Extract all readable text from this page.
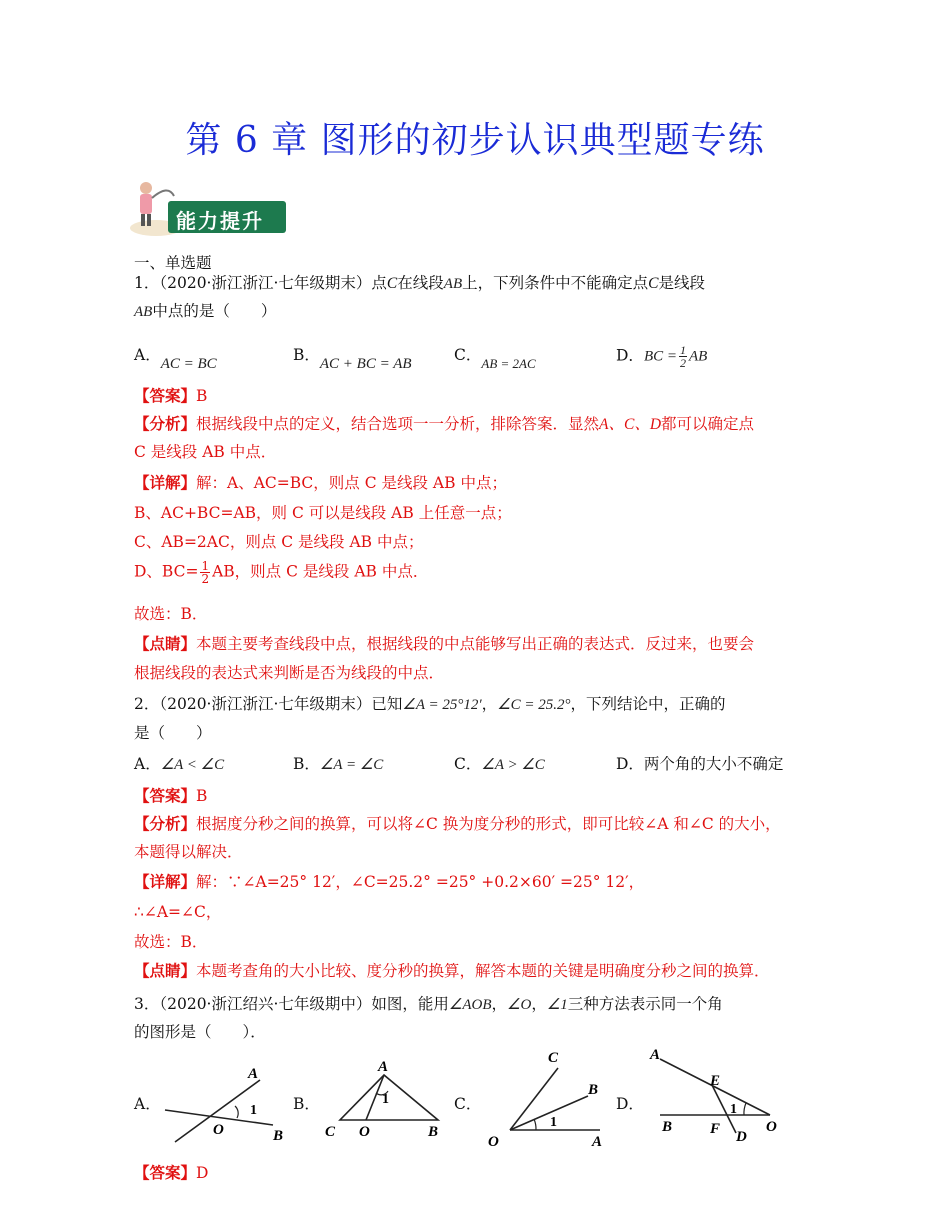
第 6 章 图形的初步认识典型题专练
能力提升
一、单选题
1．（2020·浙江浙江·七年级期末）点C在线段AB上，下列条件中不能确定点C是线段
AB中点的是（　　）
A．AC = BC	B．AC + BC = AB	C．$_{AB = 2AC}$	D．BC = $\frac{1}{2}$ AB
【答案】B
【分析】根据线段中点的定义，结合选项一一分析，排除答案．显然A、C、D都可以确定点
C 是线段 AB 中点．
【详解】解：A、AC=BC，则点 C 是线段 AB 中点；
B、AC+BC=AB，则 C 可以是线段 AB 上任意一点；
C、AB=2AC，则点 C 是线段 AB 中点；
D、$BC= \frac{1}{2}$ AB，则点 C 是线段 AB 中点．
故选：B．
【点睛】本题主要考查线段中点，根据线段的中点能够写出正确的表达式．反过来，也要会
根据线段的表达式来判断是否为线段的中点．
2．（2020·浙江浙江·七年级期末）已知∠A = 25°12′，∠C = 25.2°，下列结论中，正确的
是（　　）
A．∠A < ∠C	B．∠A = ∠C	C．∠A > ∠C	D．两个角的大小不确定
【答案】B
【分析】根据度分秒之间的换算，可以将∠C 换为度分秒的形式，即可比较∠A 和∠C 的大小，
本题得以解决．
【详解】解：∵∠A=25° 12′，∠C=25.2° =25° +0.2×60′ =25° 12′，
∴∠A=∠C，
故选：B．
【点睛】本题考查角的大小比较、度分秒的换算，解答本题的关键是明确度分秒之间的换算．
3．（2020·浙江绍兴·七年级期中）如图，能用∠AOB，∠O，∠1三种方法表示同一个角
的图形是（　　）．
A．	B．	C．	D．
A
O	B
1
A
C O	B
1
C
B
O	A
1
A
E
B	F D
O
1
【答案】D
